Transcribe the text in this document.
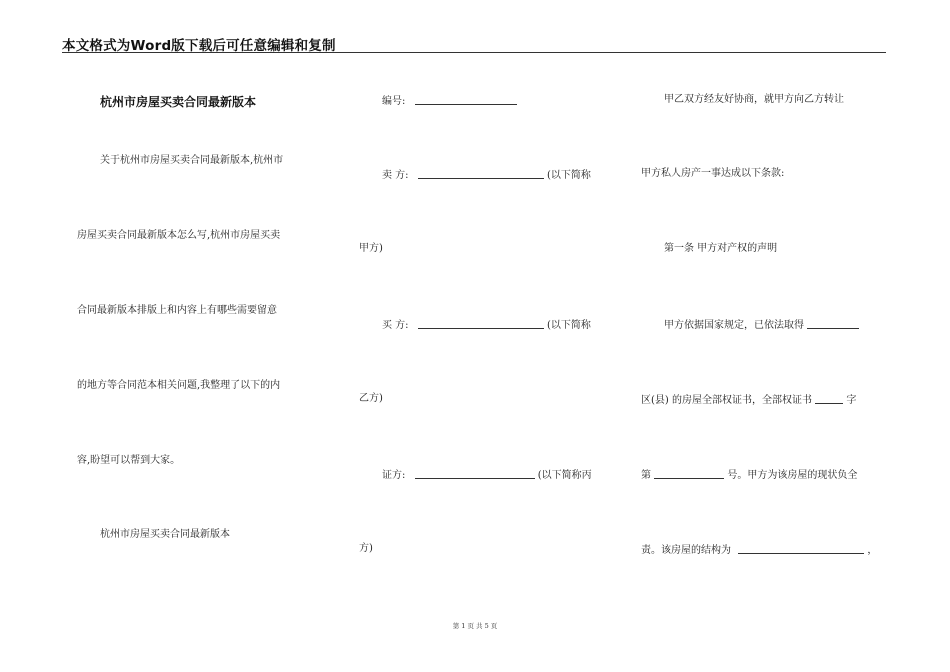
本文格式为Word版下载后可任意编辑和复制
杭州市房屋买卖合同最新版本
关于杭州市房屋买卖合同最新版本,杭州市
房屋买卖合同最新版本怎么写,杭州市房屋买卖
合同最新版本排版上和内容上有哪些需要留意
的地方等合同范本相关问题,我整理了以下的内
容,盼望可以帮到大家。
杭州市房屋买卖合同最新版本
编号:
卖 方:	(以下简称
甲方)
买 方:	(以下简称
乙方)
证方:	(以下简称丙
方)
甲乙双方经友好协商，就甲方向乙方转让
甲方私人房产一事达成以下条款:
第一条 甲方对产权的声明
甲方依据国家规定，已依法取得
区(县) 的房屋全部权证书，全部权证书	字
第	号。甲方为该房屋的现状负全
责。该房屋的结构为	，
第 1 页 共 5 页
